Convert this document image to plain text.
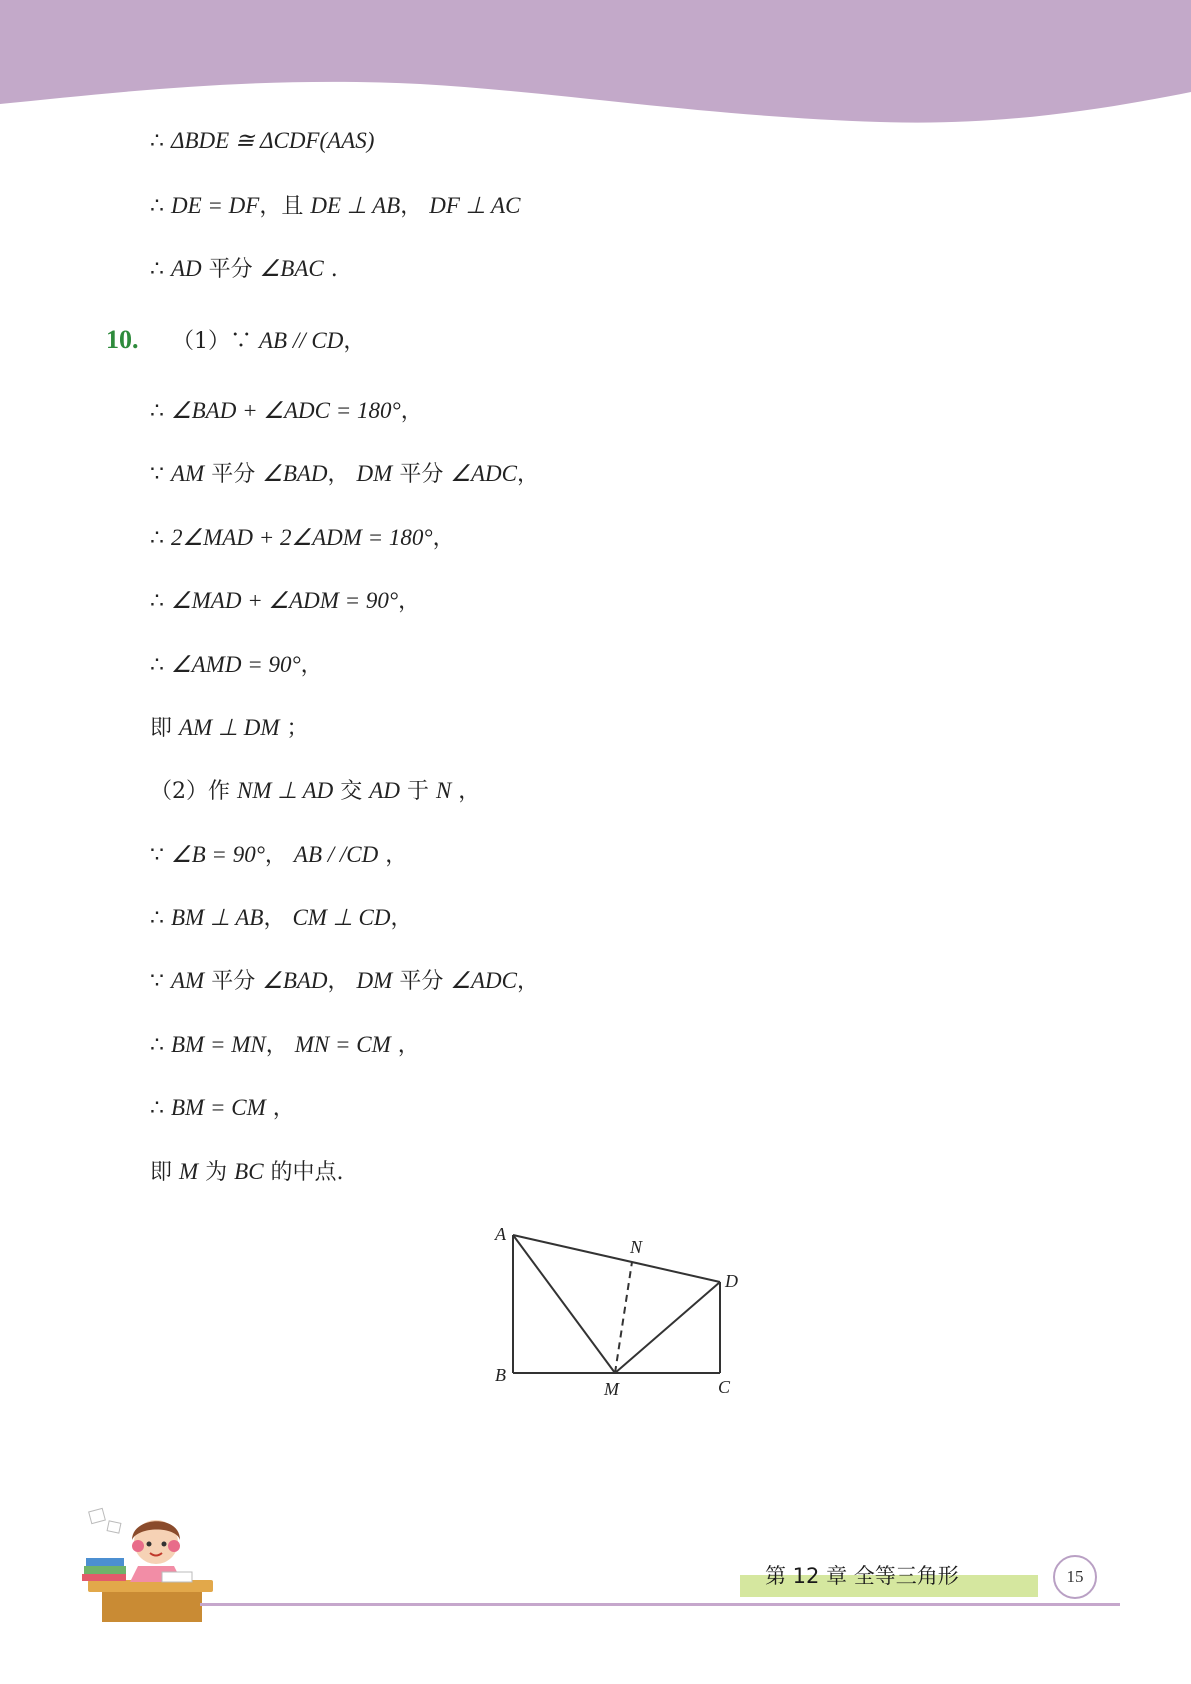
∴ ΔBDE ≅ ΔCDF(AAS)
∴ DE = DF，且 DE ⊥ AB， DF ⊥ AC
∴ AD 平分 ∠BAC .
10. （1）∵ AB // CD，
∴ ∠BAD + ∠ADC = 180°，
∵ AM 平分 ∠BAD， DM 平分 ∠ADC，
∴ 2∠MAD + 2∠ADM = 180°，
∴ ∠MAD + ∠ADM = 90°，
∴ ∠AMD = 90°，
即 AM ⊥ DM ；
（2）作 NM ⊥ AD 交 AD 于 N ，
∵ ∠B = 90°， AB / /CD ，
∴ BM ⊥ AB， CM ⊥ CD，
∵ AM 平分 ∠BAD， DM 平分 ∠ADC，
∴ BM = MN， MN = CM ，
∴ BM = CM ，
即 M 为 BC 的中点.
A
B
C
D
M
N
第 12 章 全等三角形	15
